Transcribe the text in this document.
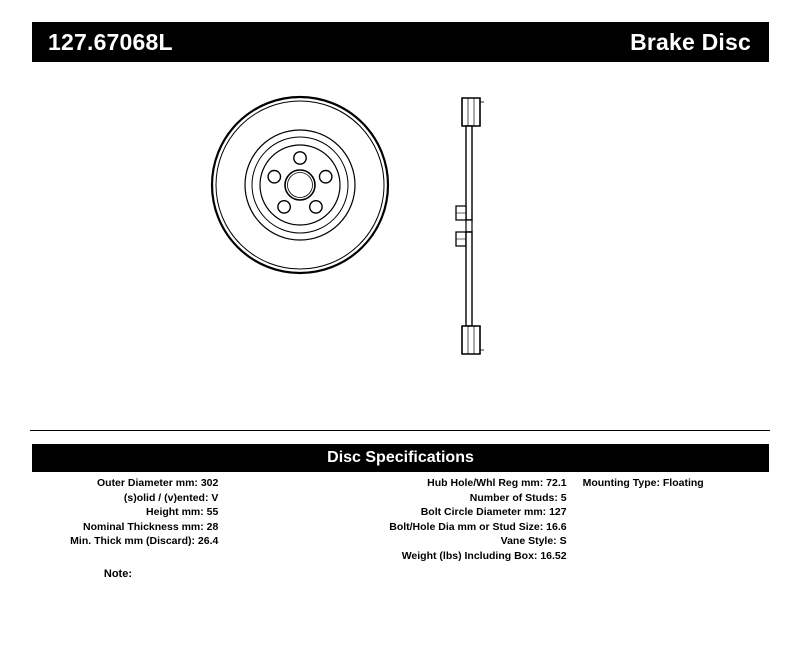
127.67068L	Brake Disc
Disc Specifications
Outer Diameter mm: 302
(s)olid / (v)ented: V
Height mm: 55
Nominal Thickness mm: 28
Min. Thick mm (Discard): 26.4
Hub Hole/Whl Reg mm: 72.1
Number of Studs: 5
Bolt Circle Diameter mm: 127
Bolt/Hole Dia mm or Stud Size: 16.6
Vane Style: S
Weight (lbs) Including Box: 16.52
Mounting Type: Floating
Note:
